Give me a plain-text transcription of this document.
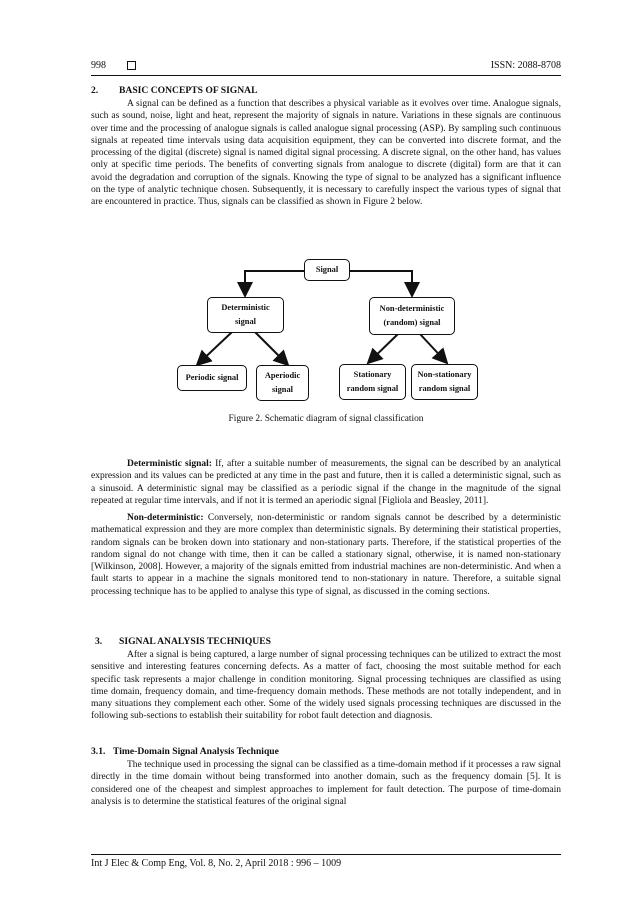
998	ISSN: 2088-8708
2. BASIC CONCEPTS OF SIGNAL
A signal can be defined as a function that describes a physical variable as it evolves over time. Analogue signals, such as sound, noise, light and heat, represent the majority of signals in nature. Variations in these signals are continuous over time and the processing of analogue signals is called analogue signal processing (ASP). By sampling such continuous signals at repeated time intervals using data acquisition equipment, they can be converted into discrete format, and the processing of the digital (discrete) signal is named digital signal processing. A discrete signal, on the other hand, has values only at specific time periods. The benefits of converting signals from analogue to discrete (digital) form are that it can avoid the degradation and corruption of the signals. Knowing the type of signal to be analyzed has a significant influence on the type of analytic technique chosen. Subsequently, it is necessary to carefully inspect the various types of signal that are encountered in practice. Thus, signals can be classified as shown in Figure 2 below.
Signal
Deterministic
signal
Non-deterministic
(random) signal
Periodic signal	Aperiodic
signal
Stationary
random signal
Non-stationary
random signal
Figure 2. Schematic diagram of signal classification
Deterministic signal: If, after a suitable number of measurements, the signal can be described by an analytical expression and its values can be predicted at any time in the past and future, then it is called a deterministic signal, such as a sinusoid. A deterministic signal may be classified as a periodic signal if the change in the magnitude of the signal repeated at regular time intervals, and if not it is termed an aperiodic signal [Figliola and Beasley, 2011].
Non-deterministic: Conversely, non-deterministic or random signals cannot be described by a deterministic mathematical expression and they are more complex than deterministic signals. By determining their statistical properties, random signals can be broken down into stationary and non-stationary parts. Therefore, if the statistical properties of the random signal do not change with time, then it can be called a stationary signal, otherwise, it is named non-stationary [Wilkinson, 2008]. However, a majority of the signals emitted from industrial machines are non-deterministic. And when a fault starts to appear in a machine the signals monitored tend to non-stationary in nature. Therefore, a suitable signal processing technique has to be applied to analyse this type of signal, as discussed in the coming sections.
3. SIGNAL ANALYSIS TECHNIQUES
After a signal is being captured, a large number of signal processing techniques can be utilized to extract the most sensitive and interesting features concerning defects. As a matter of fact, choosing the most suitable method for each specific task represents a major challenge in condition monitoring. Signal processing techniques are classified as using time domain, frequency domain, and time-frequency domain methods. These methods are not totally independent, and in many situations they complement each other. Some of the widely used signals processing techniques are discussed in the following sub-sections to establish their suitability for robot fault detection and diagnosis.
3.1. Time-Domain Signal Analysis Technique
The technique used in processing the signal can be classified as a time-domain method if it processes a raw signal directly in the time domain without being transformed into another domain, such as the frequency domain [5]. It is considered one of the cheapest and simplest approaches to implement for fault detection. The purpose of time-domain analysis is to determine the statistical features of the original signal
Int J Elec & Comp Eng, Vol. 8, No. 2, April 2018 : 996 – 1009
